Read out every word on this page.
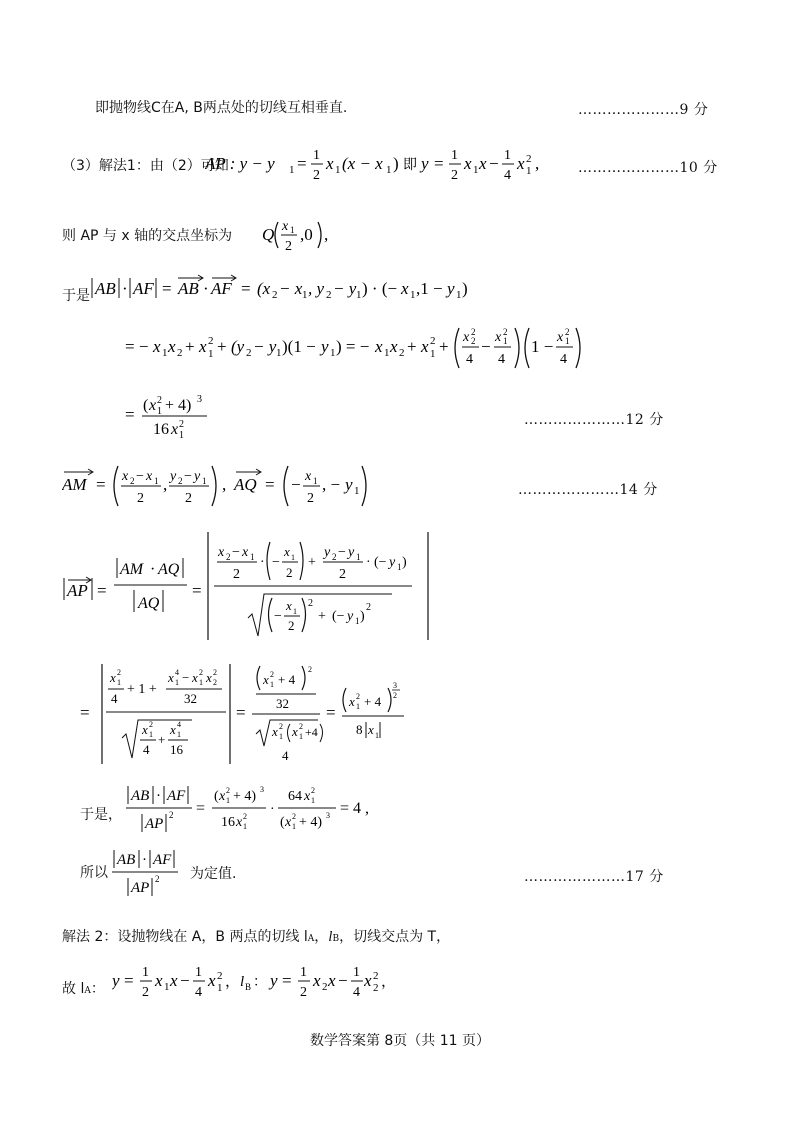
即抛物线C在A, B两点处的切线互相垂直.	…………………9 分
（3）解法1：由（2）可知
AP : y − y 1 = 1
2
x 1 (x − x 1 ) 即 y = 1
2
x 1 x − 1
4
x 2
1 ,	…………………10 分
则 AP 与 x 轴的交点坐标为 Q x 1
2
,0 ,
于是 AB · AF = AB · AF = (x 2 − x 1 , y 2 − y 1 ) · (− x 1 ,1 − y 1 )
= − x 1 x 2 + x 2
1 + (y 2 − y 1 )(1 − y 1 ) = − x 1 x 2 + x 2
1 + x 2
2
4
− x 2
1
4
1 − x 2
1
4
= ( x 2
1 + 4) 3
16 x 2
1
…………………12 分
AM = x 2 − x 1
2
, y 2 − y 1
2
, AQ = − x 1
2
, − y 1	…………………14 分
AP =
AM · AQ
AQ
=
x 2 − x 1
2
· −
x 1
2
+
y 2 − y 1
2
· (− y 1 )
−
x 1
2
2
+ (− y 1 )
2
=
x 2
1
4
+ 1 +
x 4
1 − x 2
1 x 2
2
32
x 2
1
4
+
x 4
1
16
=
x 2
1 + 4
2
32
x 2
1 x 2
1 +4
4
=
x 2
1 + 4
3
2
8 x 1
于是，
AB · AF
AP
2 =
( x 2
1 + 4) 3
16 x 2
1
·
64 x 2
1
( x 2
1 + 4) 3 = 4 ,
所以
AB · AF
AP
2 为定值.	…………………17 分
解法 2：设抛物线在 A，B 两点的切线 lA，lB，切线交点为 T，
故 lA： y = 1
2
x 1 x − 1
4
x 2
1 ， l B ： y = 1
2
x 2 x − 1
4
x 2
2 ，
数学答案第 8页（共 11 页）
